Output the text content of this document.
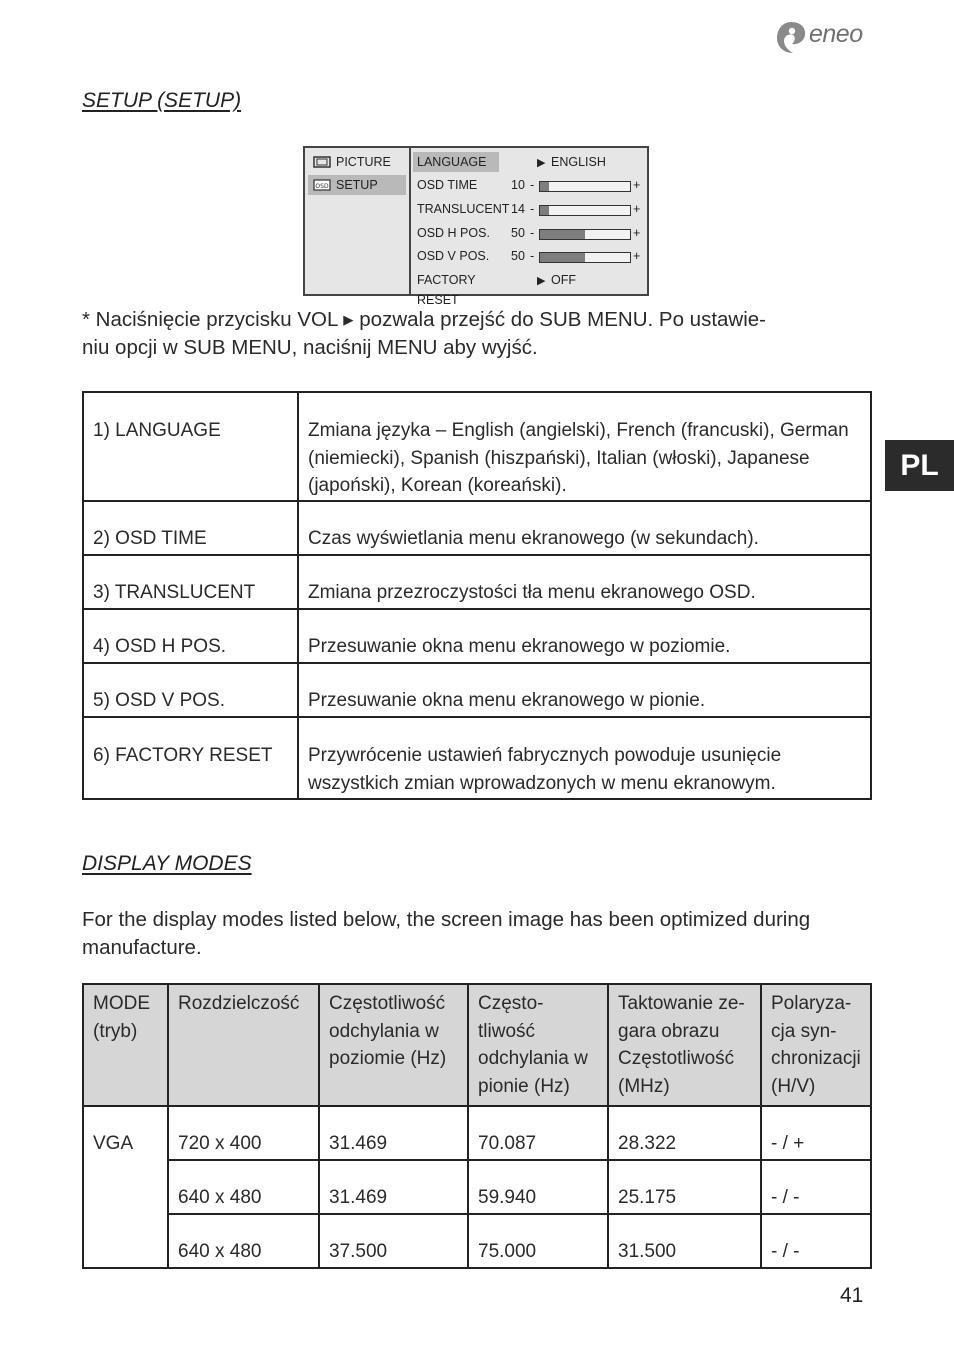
eneo
SETUP (SETUP)
PICTURE
OSD SETUP
LANGUAGE	▶ ENGLISH
OSD TIME	10 -	+
TRANSLUCENT 14 -	+
OSD H POS.	50 -	+
OSD V POS.	50 -	+
FACTORY RESET
▶ OFF
* Naciśnięcie przycisku VOL ▸ pozwala przejść do SUB MENU. Po ustawie-
niu opcji w SUB MENU, naciśnij MENU aby wyjść.
1) LANGUAGE	Zmiana języka – English (angielski), French (francuski), German (niemiecki), Spanish (hiszpański), Italian (włoski), Japanese (japoński), Korean (koreański).
2) OSD TIME	Czas wyświetlania menu ekranowego (w sekundach).
3) TRANSLUCENT	Zmiana przezroczystości tła menu ekranowego OSD.
4) OSD H POS.	Przesuwanie okna menu ekranowego w poziomie.
5) OSD V POS.	Przesuwanie okna menu ekranowego w pionie.
6) FACTORY RESET	Przywrócenie ustawień fabrycznych powoduje usunięcie wszystkich zmian wprowadzonych w menu ekranowym.
DISPLAY MODES
For the display modes listed below, the screen image has been optimized during manufacture.
MODE (tryb)	Rozdzielczość	Częstotliwość odchylania w poziomie (Hz)	Często-tliwość odchylania w pionie (Hz)	Taktowanie ze-gara obrazu Częstotliwość (MHz)	Polaryza-cja syn-chronizacji (H/V)
VGA	720 x 400	31.469	70.087	28.322	- / +
	640 x 480	31.469	59.940	25.175	- / -
	640 x 480	37.500	75.000	31.500	- / -
PL
41
